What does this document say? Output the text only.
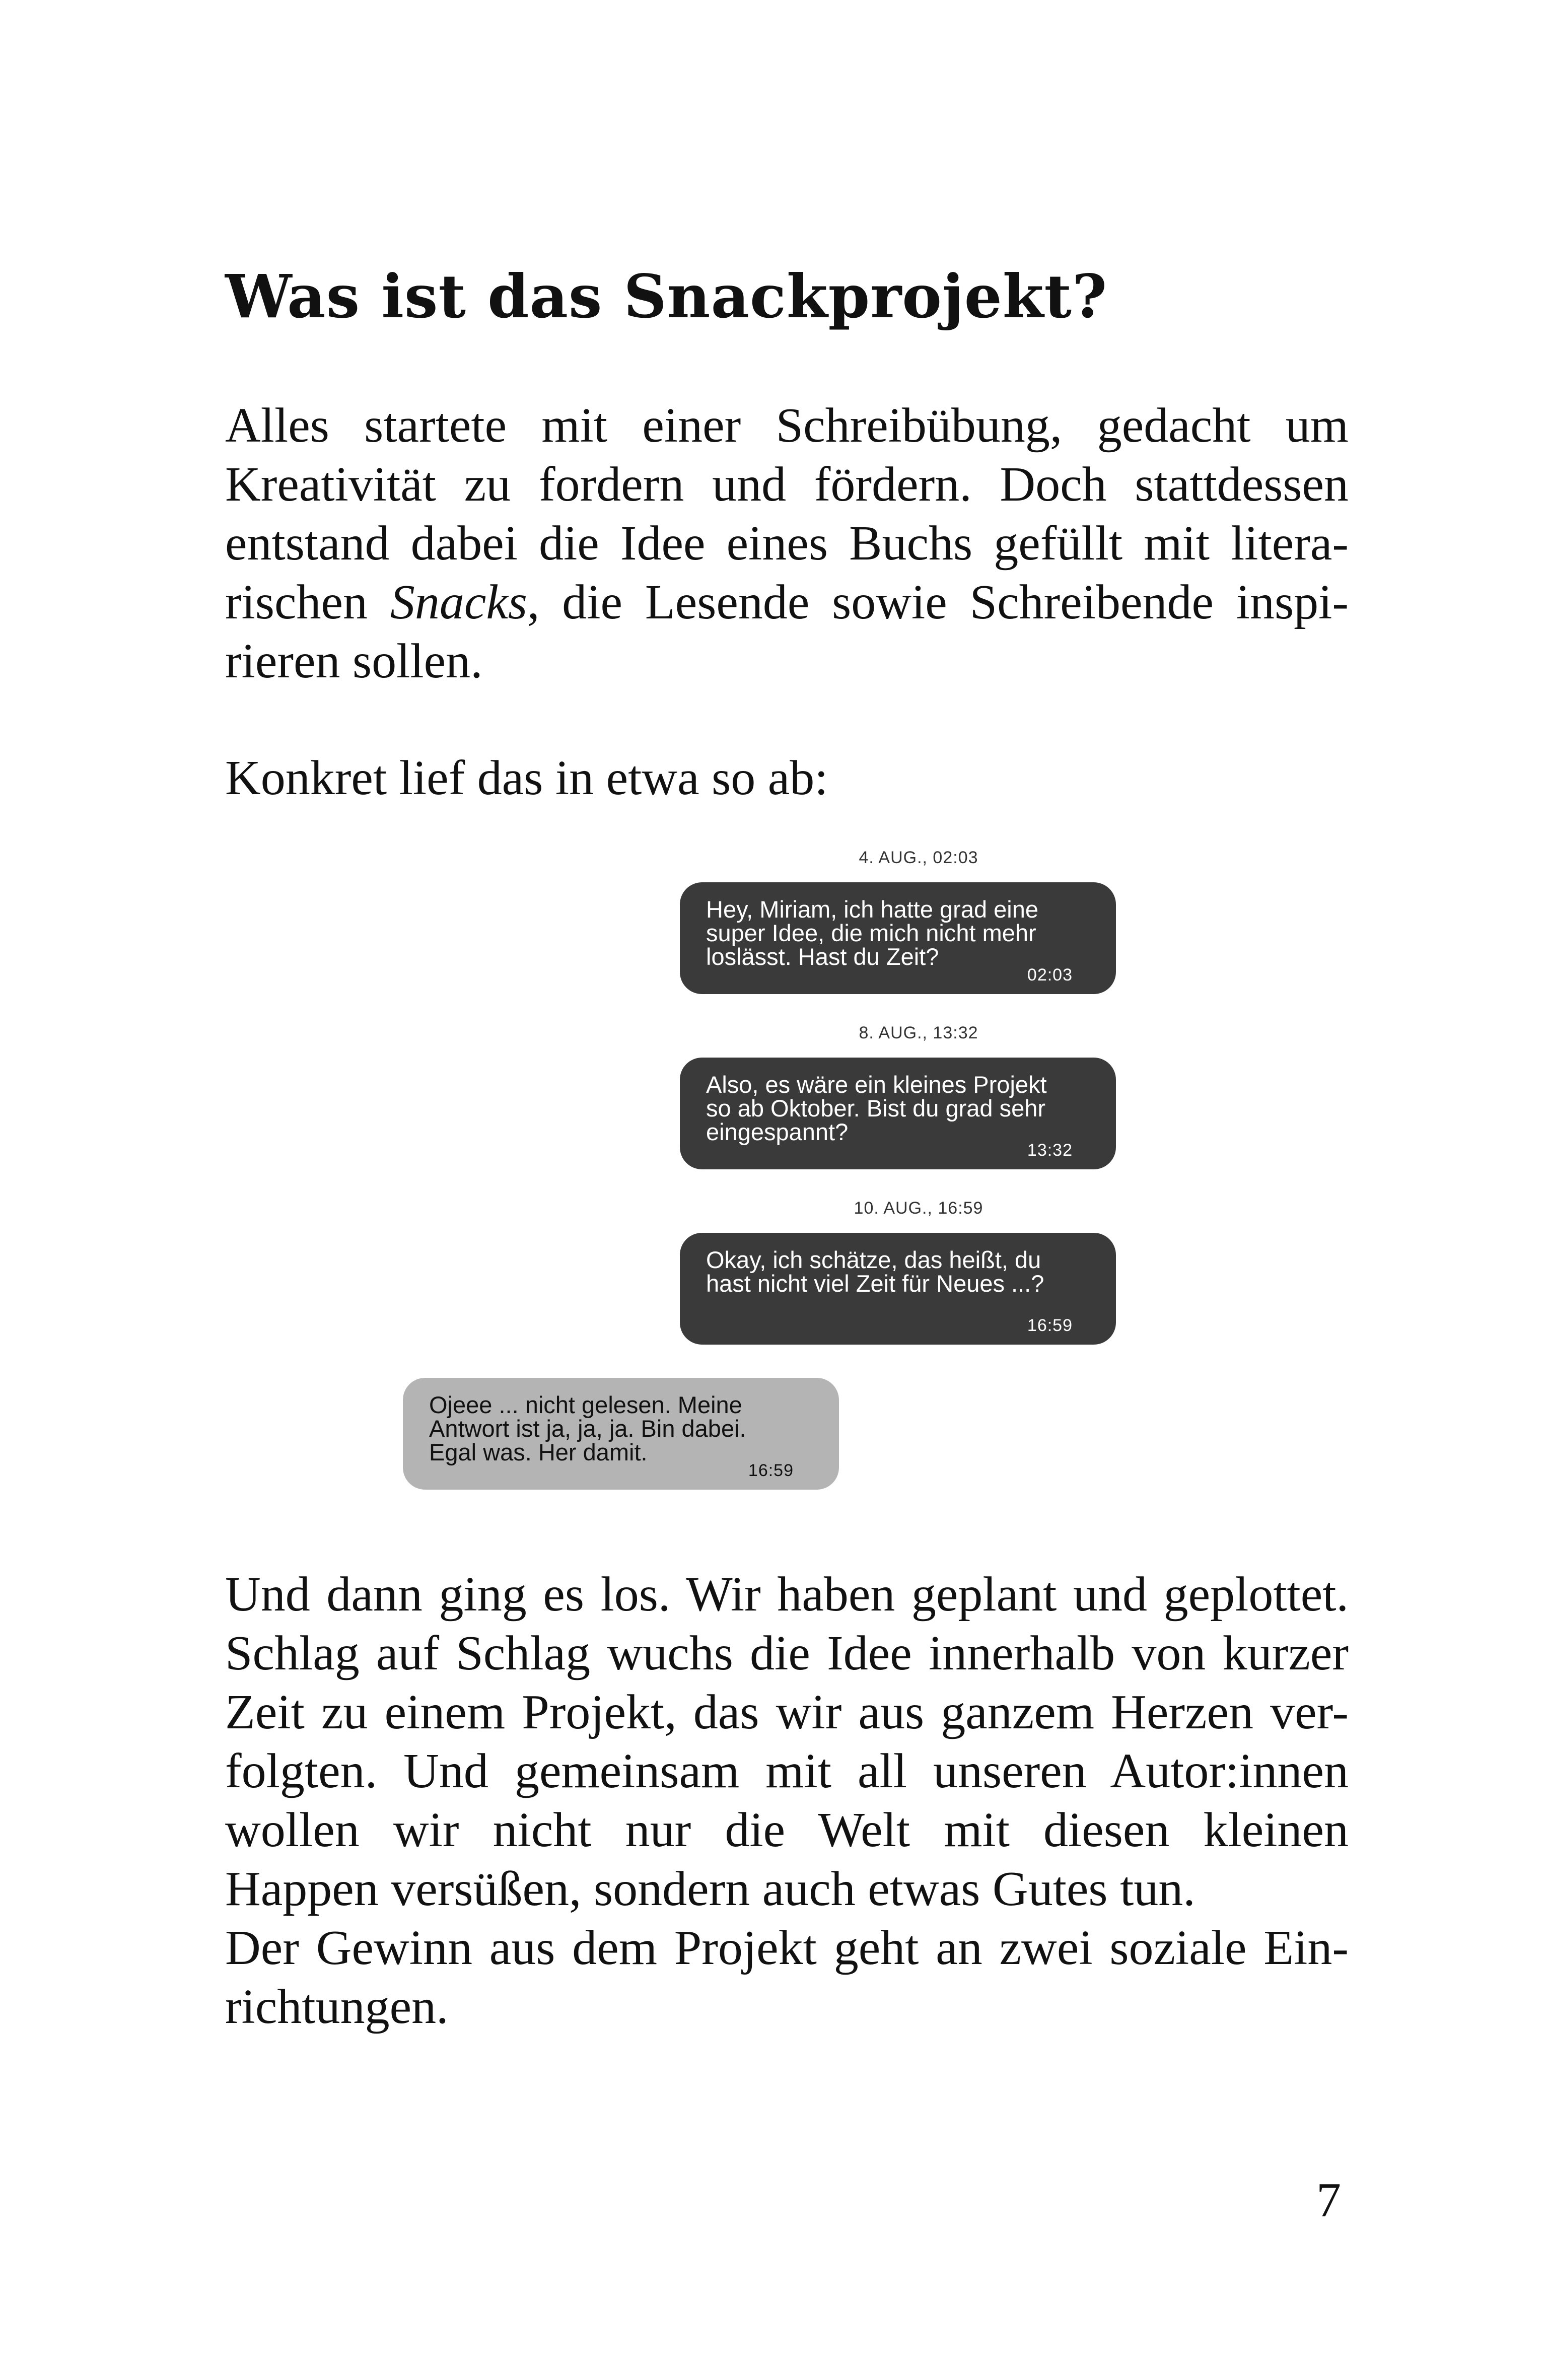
Was ist das Snackprojekt?

Alles startete mit einer Schreibübung, gedacht um
Kreativität zu fordern und fördern. Doch stattdessen
entstand dabei die Idee eines Buchs gefüllt mit litera-
rischen Snacks, die Lesende sowie Schreibende inspi-
rieren sollen.

Konkret lief das in etwa so ab:

4. AUG., 02:03
Hey, Miriam, ich hatte grad eine
super Idee, die mich nicht mehr
loslässt. Hast du Zeit?
02:03
8. AUG., 13:32
Also, es wäre ein kleines Projekt
so ab Oktober. Bist du grad sehr
eingespannt?
13:32
10. AUG., 16:59
Okay, ich schätze, das heißt, du
hast nicht viel Zeit für Neues ...?
16:59
Ojeee ... nicht gelesen. Meine
Antwort ist ja, ja, ja. Bin dabei.
Egal was. Her damit.
16:59

Und dann ging es los. Wir haben geplant und geplottet.
Schlag auf Schlag wuchs die Idee innerhalb von kurzer
Zeit zu einem Projekt, das wir aus ganzem Herzen ver-
folgten. Und gemeinsam mit all unseren Autor:innen
wollen wir nicht nur die Welt mit diesen kleinen
Happen versüßen, sondern auch etwas Gutes tun.
Der Gewinn aus dem Projekt geht an zwei soziale Ein-
richtungen.

7
